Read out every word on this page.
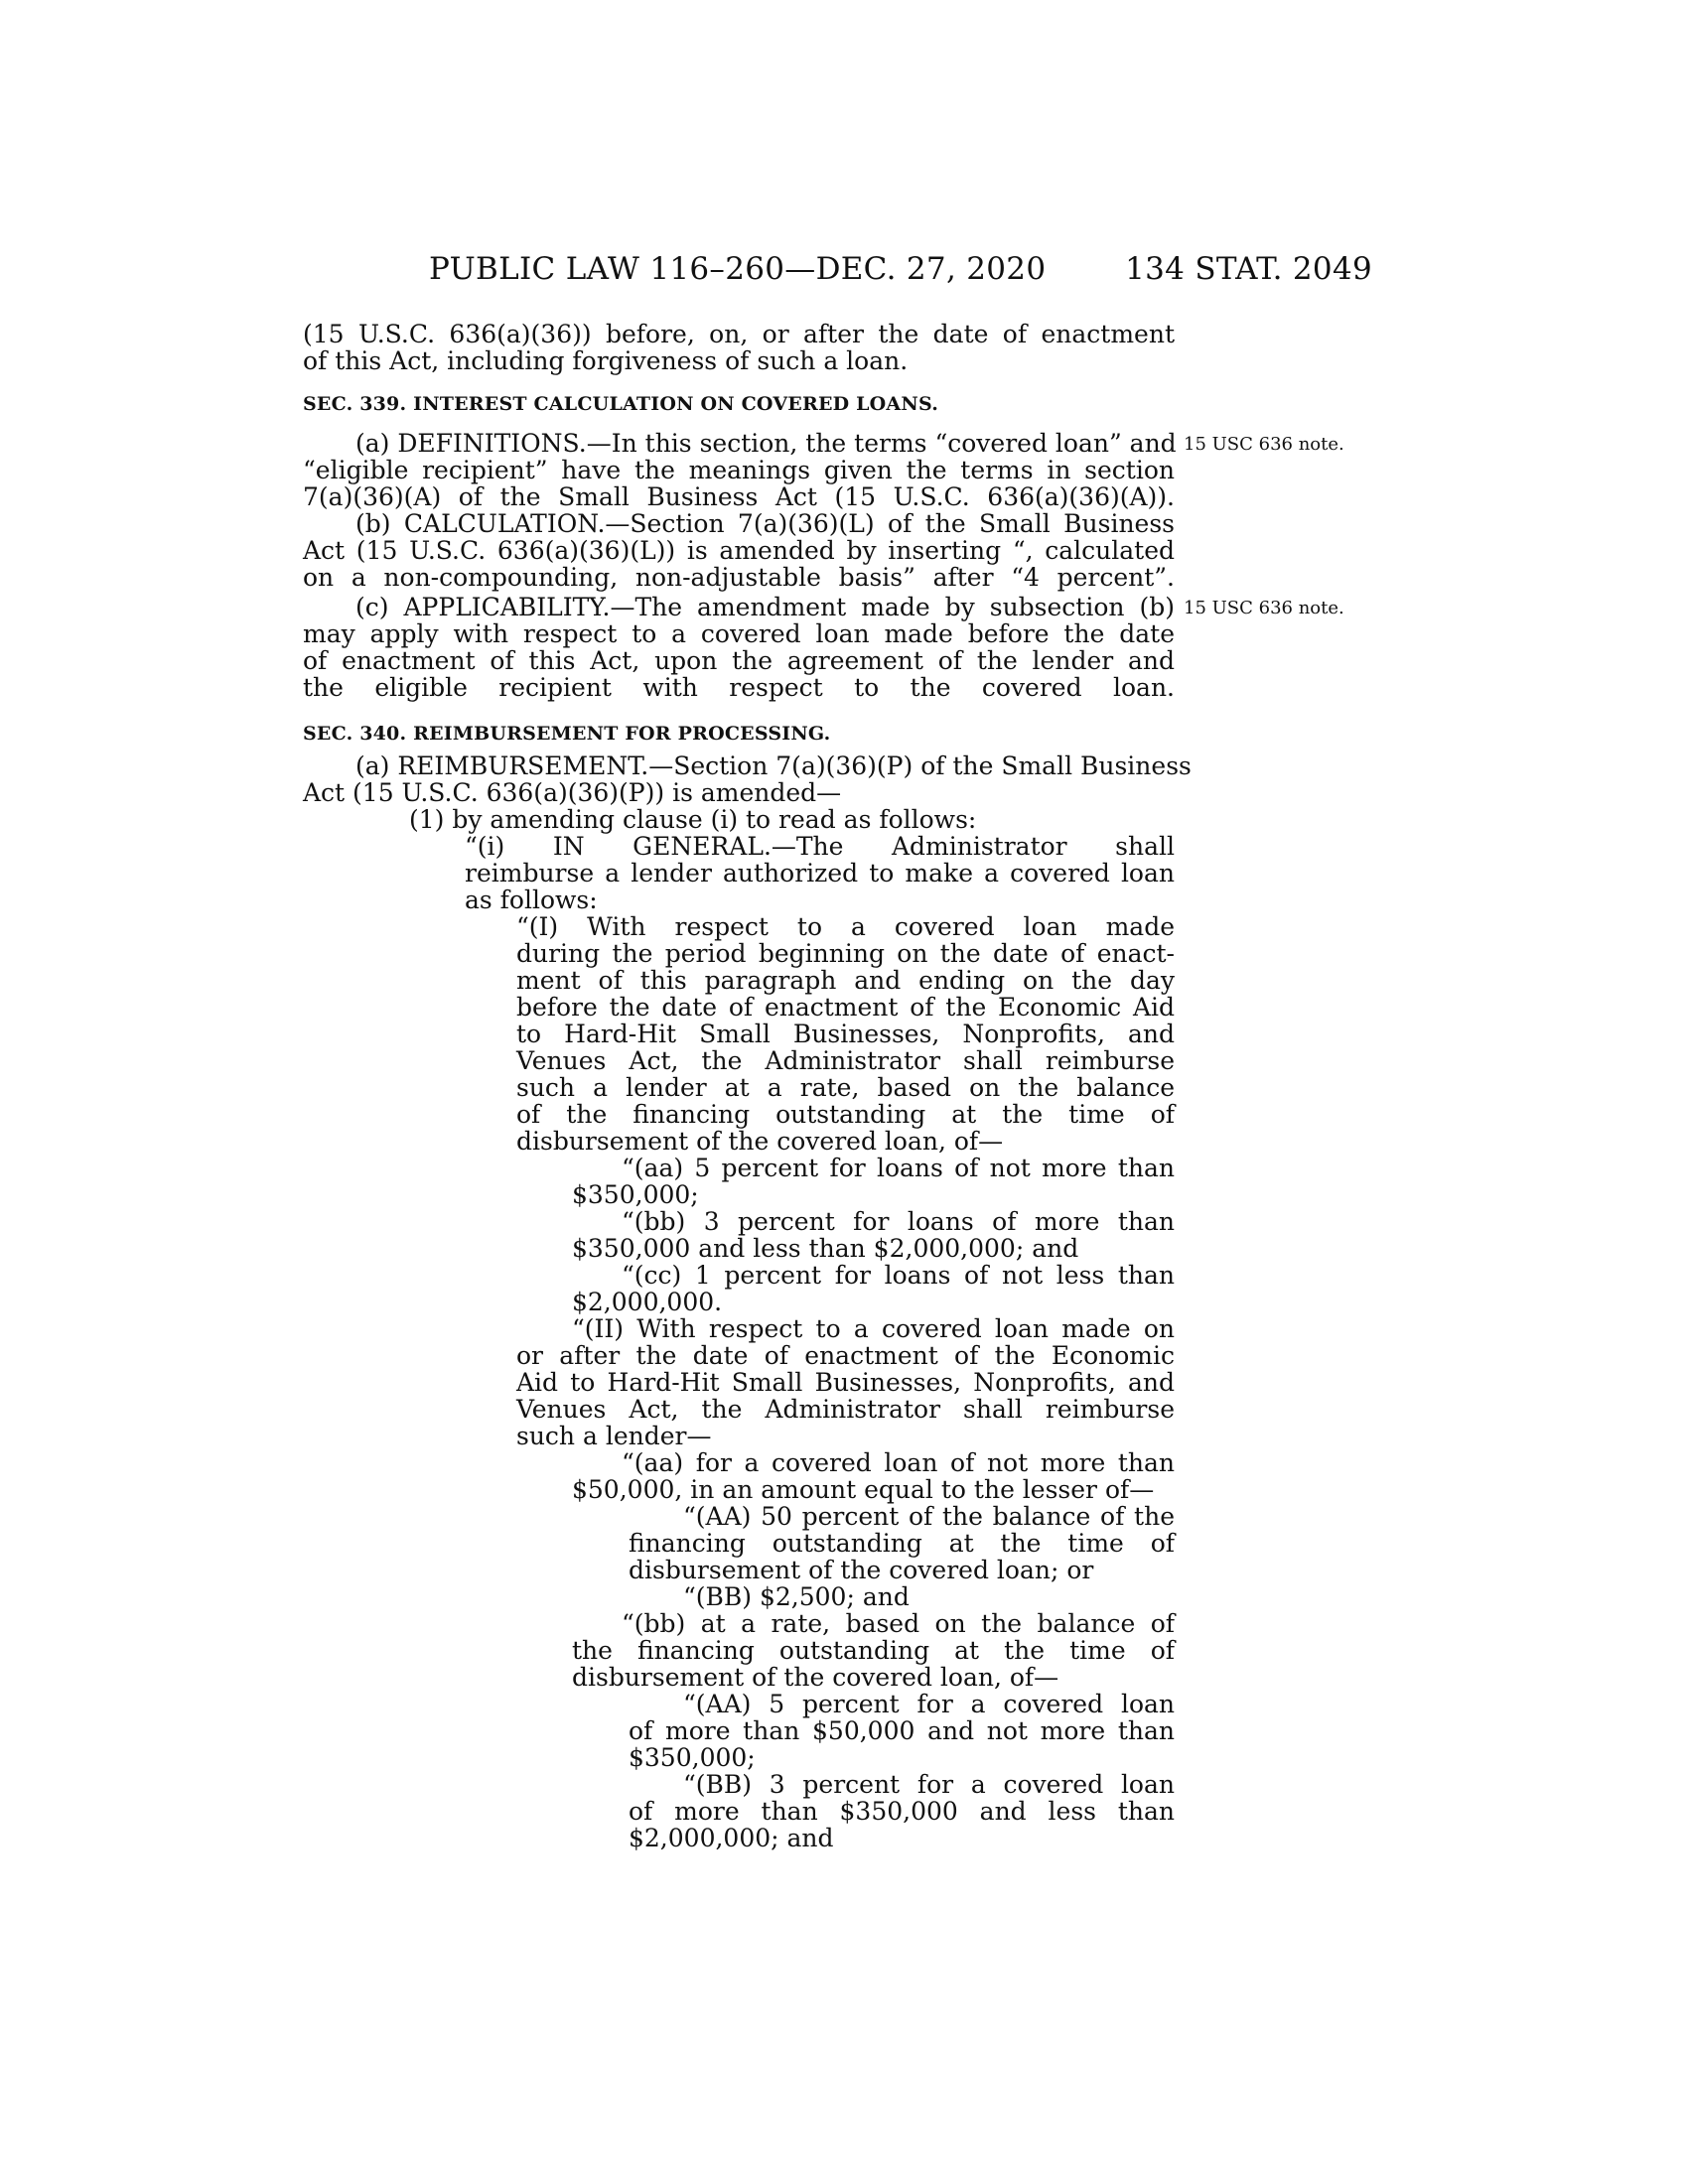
PUBLIC LAW 116–260—DEC. 27, 2020	134 STAT. 2049
SEC. 339. INTEREST CALCULATION ON COVERED LOANS.
SEC. 340. REIMBURSEMENT FOR PROCESSING.
15 USC 636 note.
15 USC 636 note.
(15 U.S.C. 636(a)(36)) before, on, or after the date of enactment
of this Act, including forgiveness of such a loan.
(a) DEFINITIONS.—In this section, the terms “covered loan” and
“eligible recipient” have the meanings given the terms in section
7(a)(36)(A) of the Small Business Act (15 U.S.C. 636(a)(36)(A)).
(b) CALCULATION.—Section 7(a)(36)(L) of the Small Business
Act (15 U.S.C. 636(a)(36)(L)) is amended by inserting “, calculated
on a non-compounding, non-adjustable basis” after “4 percent”.
(c) APPLICABILITY.—The amendment made by subsection (b)
may apply with respect to a covered loan made before the date
of enactment of this Act, upon the agreement of the lender and
the eligible recipient with respect to the covered loan.
(a) REIMBURSEMENT.—Section 7(a)(36)(P) of the Small Business
Act (15 U.S.C. 636(a)(36)(P)) is amended—
(1) by amending clause (i) to read as follows:
“(i) IN GENERAL.—The Administrator shall
reimburse a lender authorized to make a covered loan
as follows:
“(I) With respect to a covered loan made
during the period beginning on the date of enact-
ment of this paragraph and ending on the day
before the date of enactment of the Economic Aid
to Hard-Hit Small Businesses, Nonprofits, and
Venues Act, the Administrator shall reimburse
such a lender at a rate, based on the balance
of the financing outstanding at the time of
disbursement of the covered loan, of—
“(aa) 5 percent for loans of not more than
$350,000;
“(bb) 3 percent for loans of more than
$350,000 and less than $2,000,000; and
“(cc) 1 percent for loans of not less than
$2,000,000.
“(II) With respect to a covered loan made on
or after the date of enactment of the Economic
Aid to Hard-Hit Small Businesses, Nonprofits, and
Venues Act, the Administrator shall reimburse
such a lender—
“(aa) for a covered loan of not more than
$50,000, in an amount equal to the lesser of—
“(AA) 50 percent of the balance of the
financing outstanding at the time of
disbursement of the covered loan; or
“(BB) $2,500; and
“(bb) at a rate, based on the balance of
the financing outstanding at the time of
disbursement of the covered loan, of—
“(AA) 5 percent for a covered loan
of more than $50,000 and not more than
$350,000;
“(BB) 3 percent for a covered loan
of more than $350,000 and less than
$2,000,000; and
